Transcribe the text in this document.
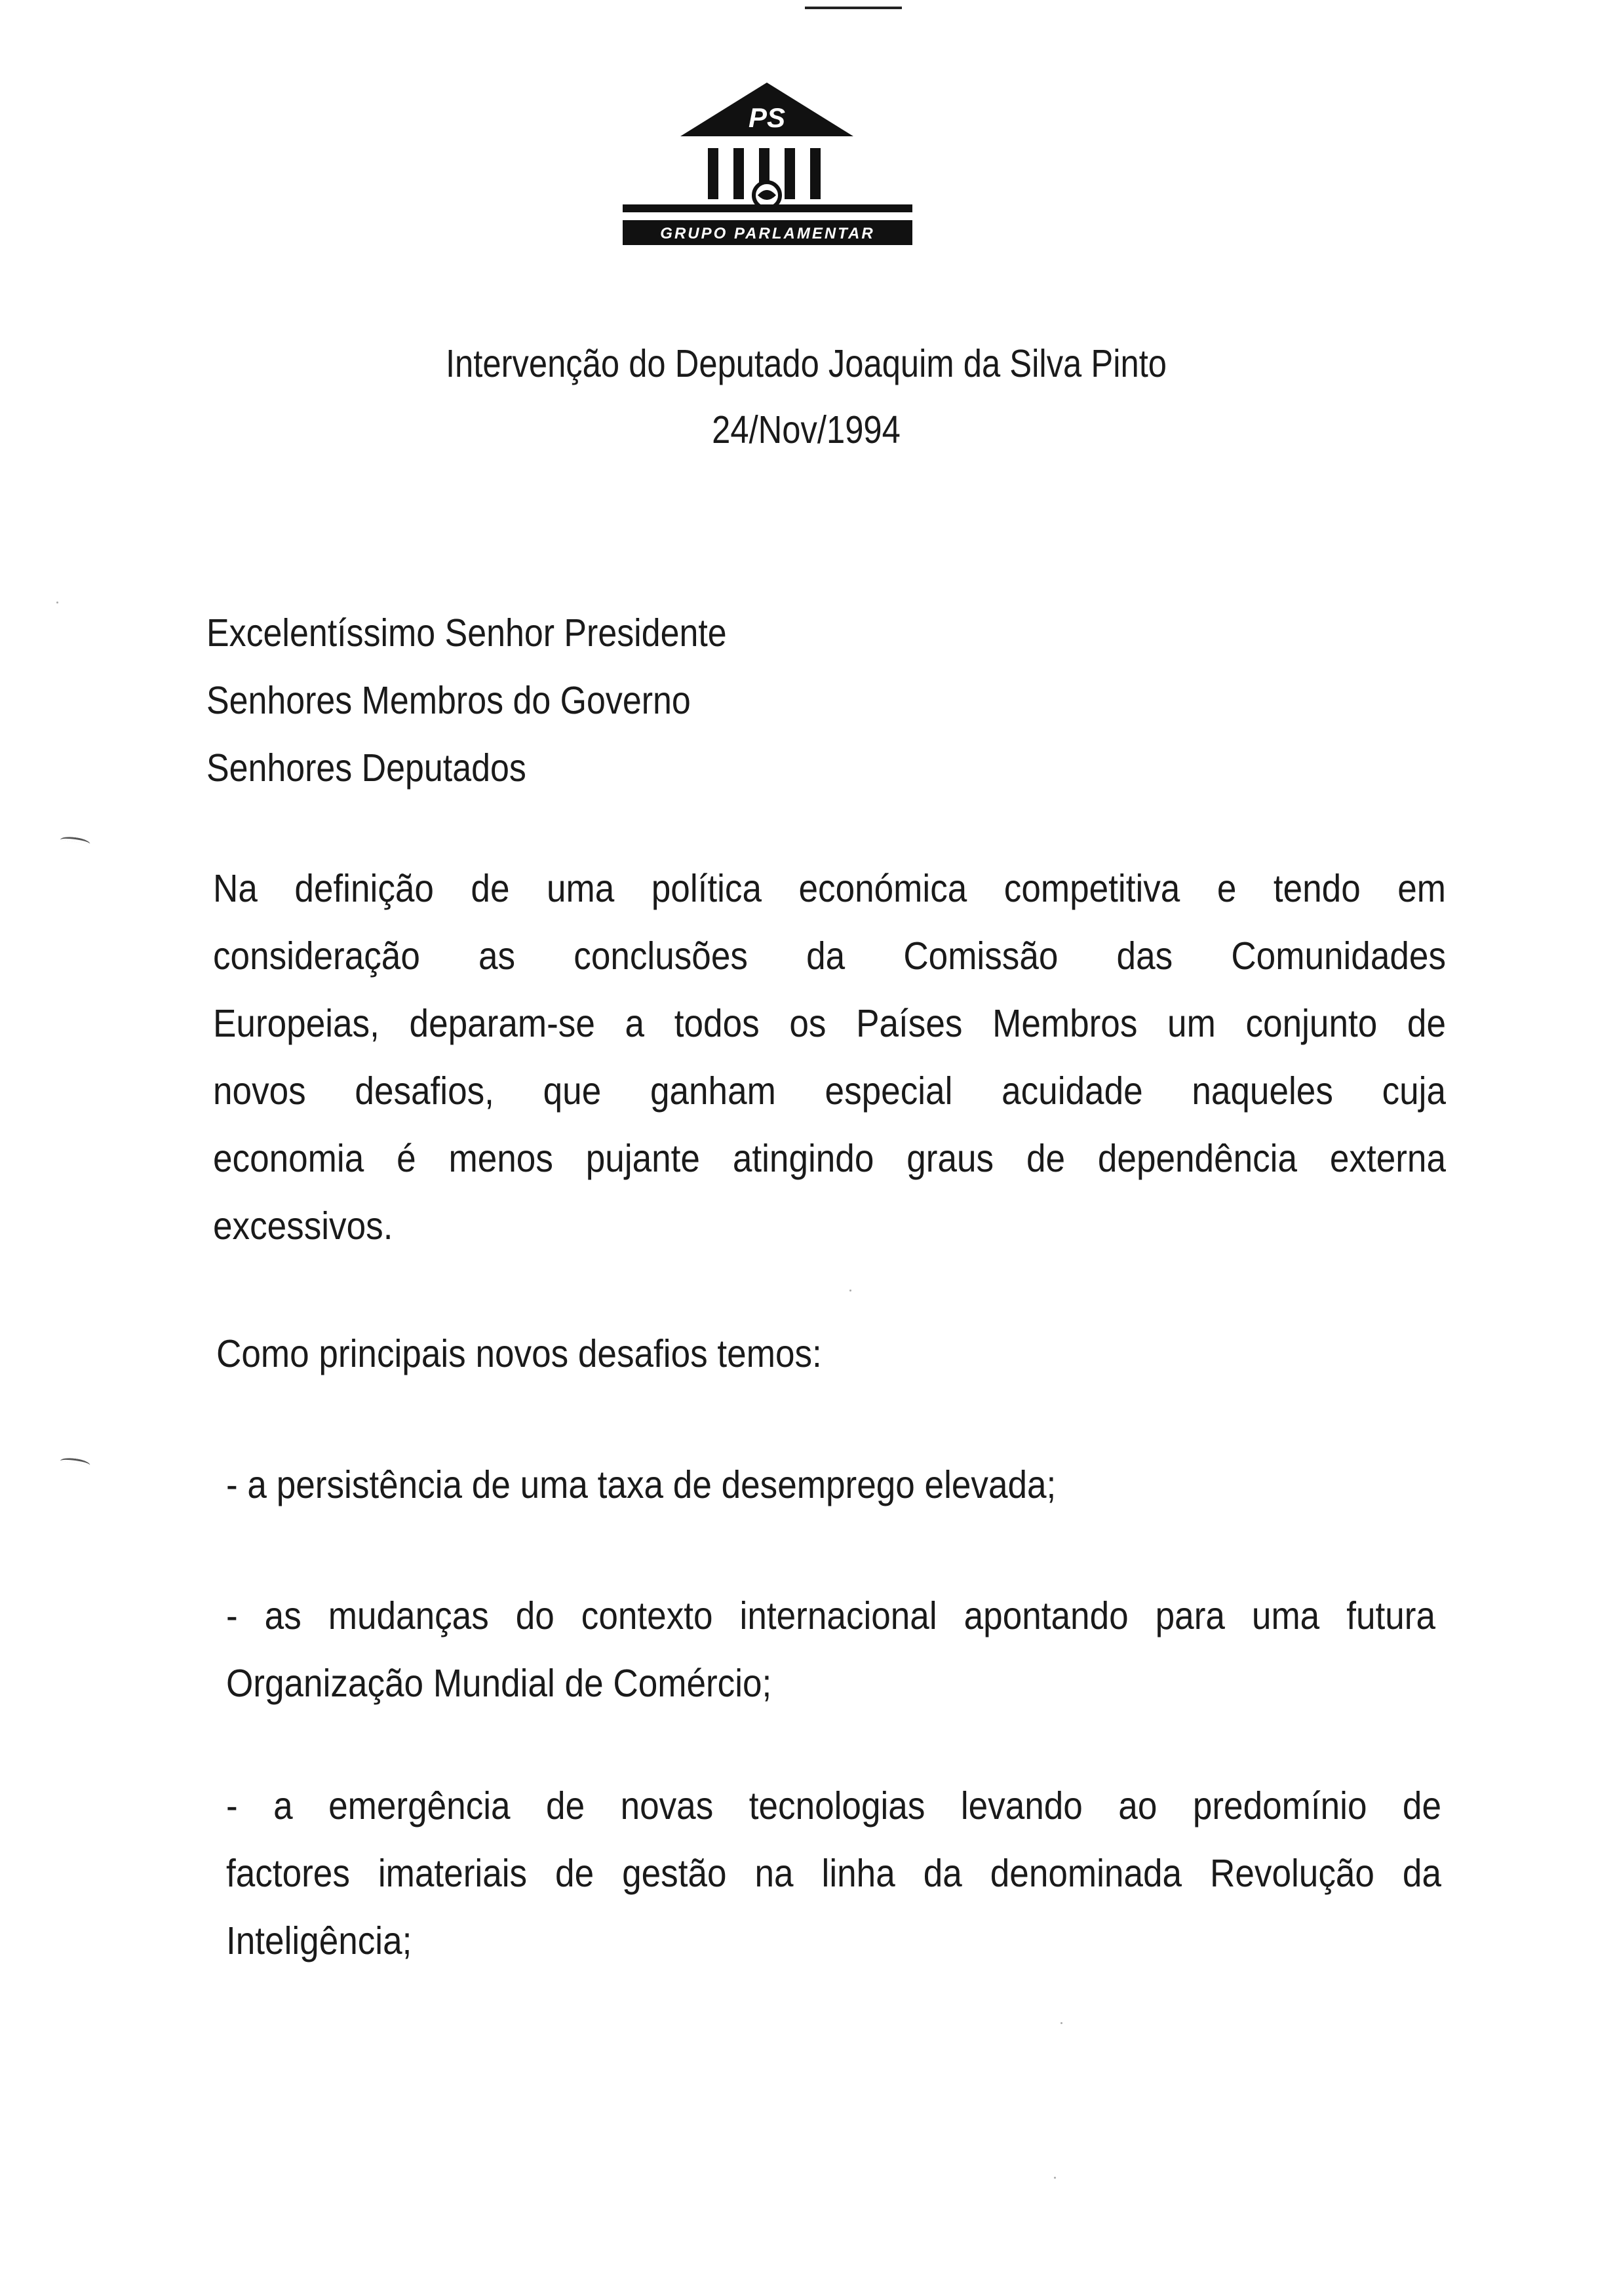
PS
GRUPO PARLAMENTAR
Intervenção do Deputado Joaquim da Silva Pinto
24/Nov/1994
Excelentíssimo Senhor Presidente
Senhores Membros do Governo
Senhores Deputados
Na definição de uma política económica competitiva e tendo em
consideração as conclusões da Comissão das Comunidades
Europeias, deparam-se a todos os Países Membros um conjunto de
novos desafios, que ganham especial acuidade naqueles cuja
economia é menos pujante atingindo graus de dependência externa
excessivos.
Como principais novos desafios temos:
- a persistência de uma taxa de desemprego elevada;
- as mudanças do contexto internacional apontando para uma futura
Organização Mundial de Comércio;
- a emergência de novas tecnologias levando ao predomínio de
factores imateriais de gestão na linha da denominada Revolução da
Inteligência;
